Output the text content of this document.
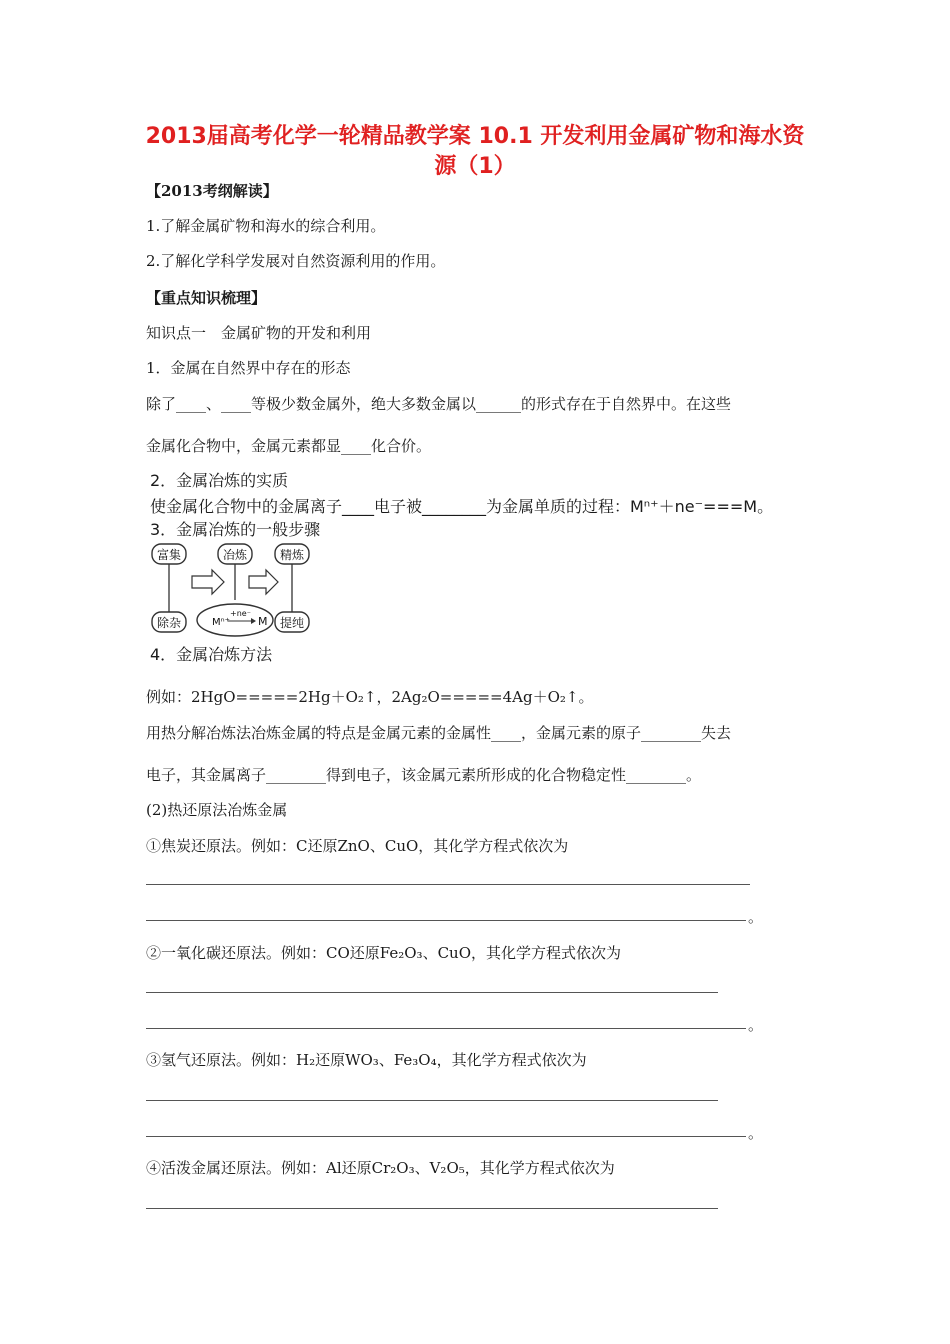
2013届高考化学一轮精品教学案 10.1 开发利用金属矿物和海水资
源（1）
【2013考纲解读】
1.了解金属矿物和海水的综合利用。
2.了解化学科学发展对自然资源利用的作用。
【重点知识梳理】
知识点一　金属矿物的开发和利用
1．金属在自然界中存在的形态
除了____、____等极少数金属外，绝大多数金属以______的形式存在于自然界中。在这些
金属化合物中，金属元素都显____化合价。
2．金属冶炼的实质
使金属化合物中的金属离子____电子被________为金属单质的过程：Mⁿ⁺＋ne⁻===M。
3．金属冶炼的一般步骤
富集	冶炼	精炼
除杂	提纯
Mⁿ⁺
+ne⁻
M
4．金属冶炼方法
例如：2HgO=====2Hg＋O₂↑，2Ag₂O=====4Ag＋O₂↑。
用热分解冶炼法冶炼金属的特点是金属元素的金属性____，金属元素的原子________失去
电子，其金属离子________得到电子，该金属元素所形成的化合物稳定性________。
(2)热还原法冶炼金属
①焦炭还原法。例如：C还原ZnO、CuO，其化学方程式依次为
。
②一氧化碳还原法。例如：CO还原Fe₂O₃、CuO，其化学方程式依次为
。
③氢气还原法。例如：H₂还原WO₃、Fe₃O₄，其化学方程式依次为
。
④活泼金属还原法。例如：Al还原Cr₂O₃、V₂O₅，其化学方程式依次为
